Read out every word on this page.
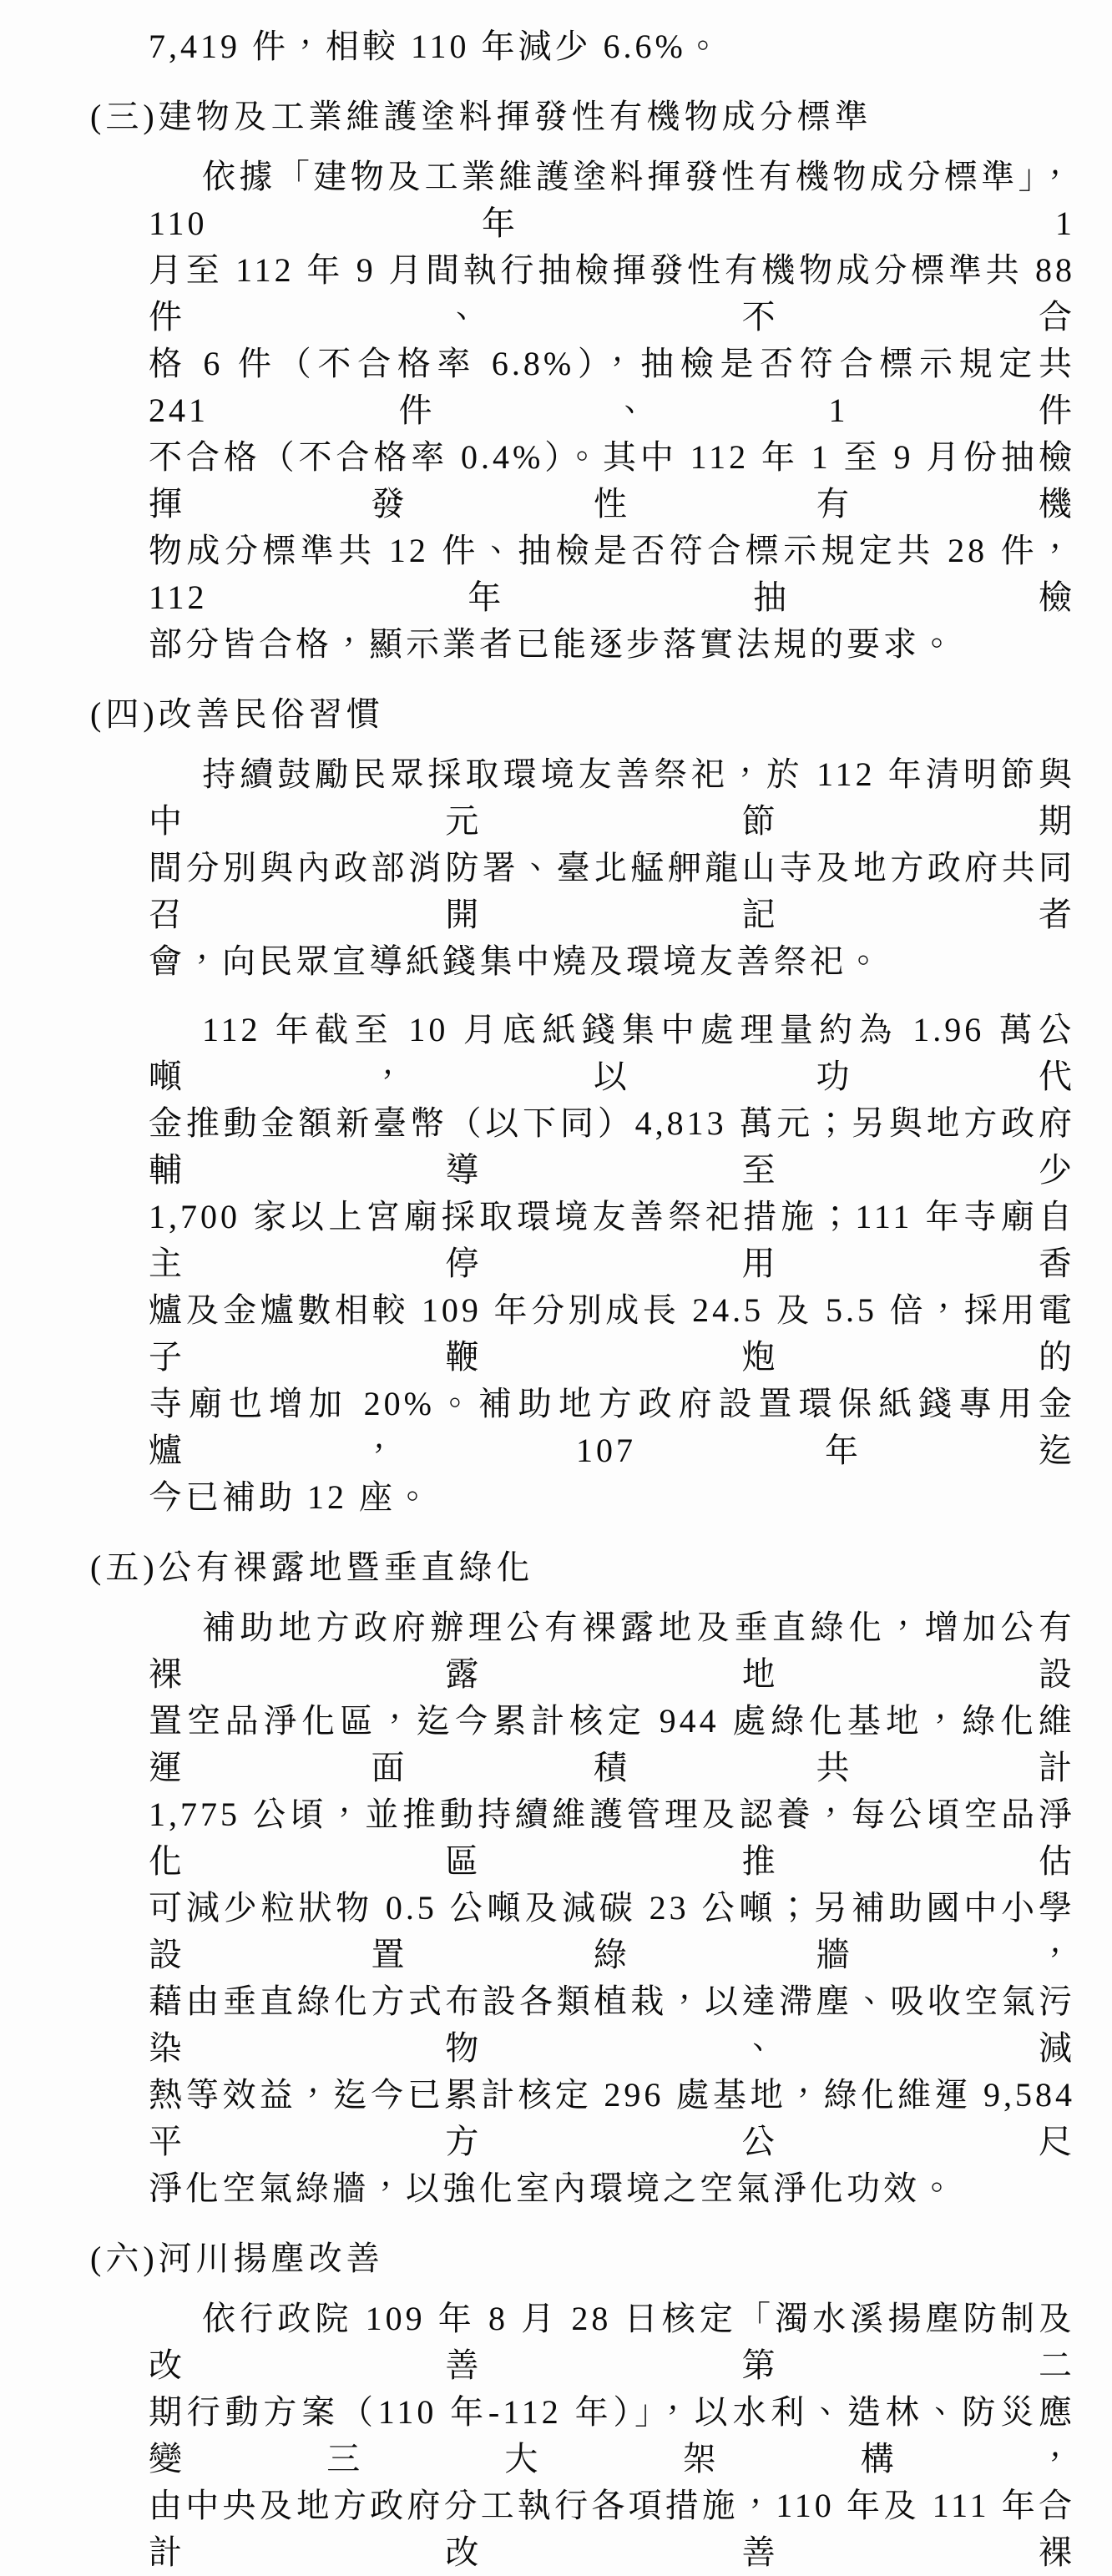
7,419 件，相較 110 年減少 6.6%。
(三)建物及工業維護塗料揮發性有機物成分標準
依據「建物及工業維護塗料揮發性有機物成分標準」，110 年 1
月至 112 年 9 月間執行抽檢揮發性有機物成分標準共 88 件、不合
格 6 件（不合格率 6.8%），抽檢是否符合標示規定共 241 件、1 件
不合格（不合格率 0.4%）。其中 112 年 1 至 9 月份抽檢揮發性有機
物成分標準共 12 件、抽檢是否符合標示規定共 28 件，112 年抽檢
部分皆合格，顯示業者已能逐步落實法規的要求。
(四)改善民俗習慣
持續鼓勵民眾採取環境友善祭祀，於 112 年清明節與中元節期
間分別與內政部消防署、臺北艋舺龍山寺及地方政府共同召開記者
會，向民眾宣導紙錢集中燒及環境友善祭祀。
112 年截至 10 月底紙錢集中處理量約為 1.96 萬公噸，以功代
金推動金額新臺幣（以下同）4,813 萬元；另與地方政府輔導至少
1,700 家以上宮廟採取環境友善祭祀措施；111 年寺廟自主停用香
爐及金爐數相較 109 年分別成長 24.5 及 5.5 倍，採用電子鞭炮的
寺廟也增加 20%。補助地方政府設置環保紙錢專用金爐，107 年迄
今已補助 12 座。
(五)公有裸露地暨垂直綠化
補助地方政府辦理公有裸露地及垂直綠化，增加公有裸露地設
置空品淨化區，迄今累計核定 944 處綠化基地，綠化維運面積共計
1,775 公頃，並推動持續維護管理及認養，每公頃空品淨化區推估
可減少粒狀物 0.5 公噸及減碳 23 公噸；另補助國中小學設置綠牆，
藉由垂直綠化方式布設各類植栽，以達滯塵、吸收空氣污染物、減
熱等效益，迄今已累計核定 296 處基地，綠化維運 9,584 平方公尺
淨化空氣綠牆，以強化室內環境之空氣淨化功效。
(六)河川揚塵改善
依行政院 109 年 8 月 28 日核定「濁水溪揚塵防制及改善第二
期行動方案（110 年-112 年）」，以水利、造林、防災應變三大架構，
由中央及地方政府分工執行各項措施，110 年及 111 年合計改善裸
